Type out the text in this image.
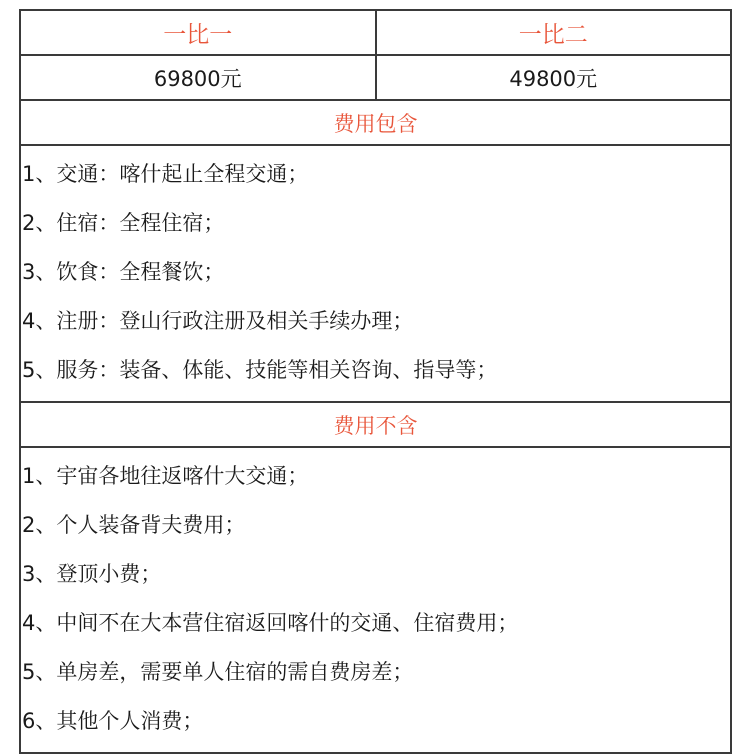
一比一	一比二
69800元	49800元
费用包含
1、交通：喀什起止全程交通；
2、住宿：全程住宿；
3、饮食：全程餐饮；
4、注册：登山行政注册及相关手续办理；
5、服务：装备、体能、技能等相关咨询、指导等；
费用不含
1、宇宙各地往返喀什大交通；
2、个人装备背夫费用；
3、登顶小费；
4、中间不在大本营住宿返回喀什的交通、住宿费用；
5、单房差，需要单人住宿的需自费房差；
6、其他个人消费；
